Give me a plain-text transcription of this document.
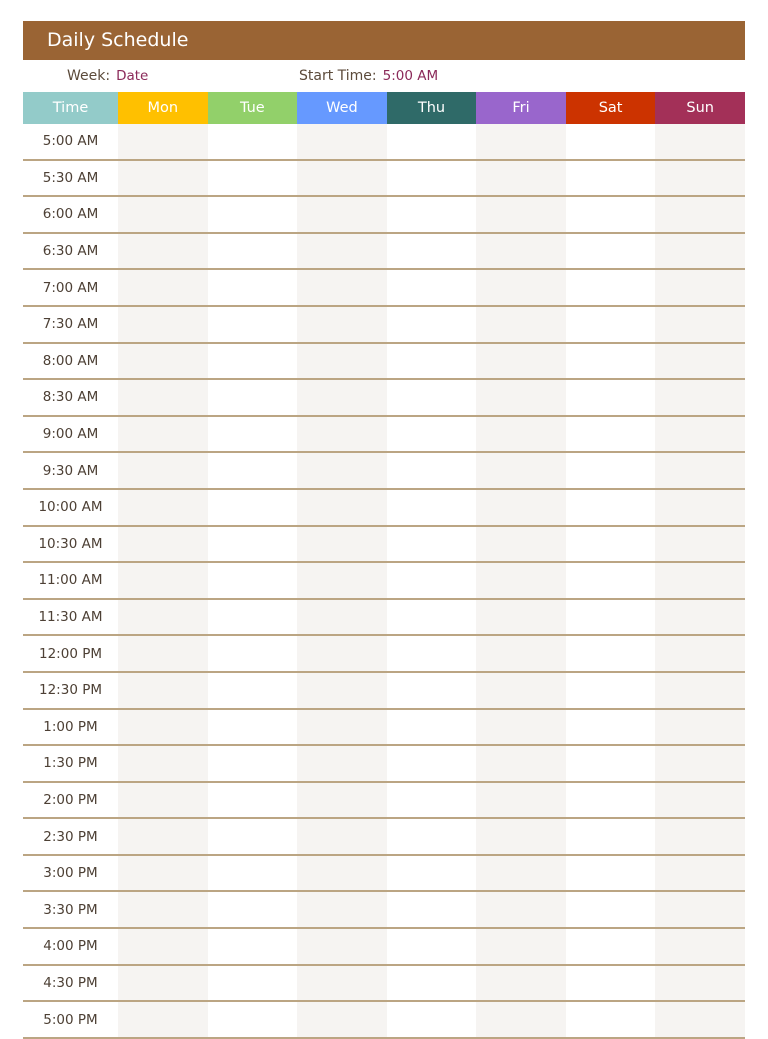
Daily Schedule
Week: Date	Start Time: 5:00 AM
Time	Mon	Tue	Wed	Thu	Fri	Sat	Sun
5:00 AM
5:30 AM
6:00 AM
6:30 AM
7:00 AM
7:30 AM
8:00 AM
8:30 AM
9:00 AM
9:30 AM
10:00 AM
10:30 AM
11:00 AM
11:30 AM
12:00 PM
12:30 PM
1:00 PM
1:30 PM
2:00 PM
2:30 PM
3:00 PM
3:30 PM
4:00 PM
4:30 PM
5:00 PM
